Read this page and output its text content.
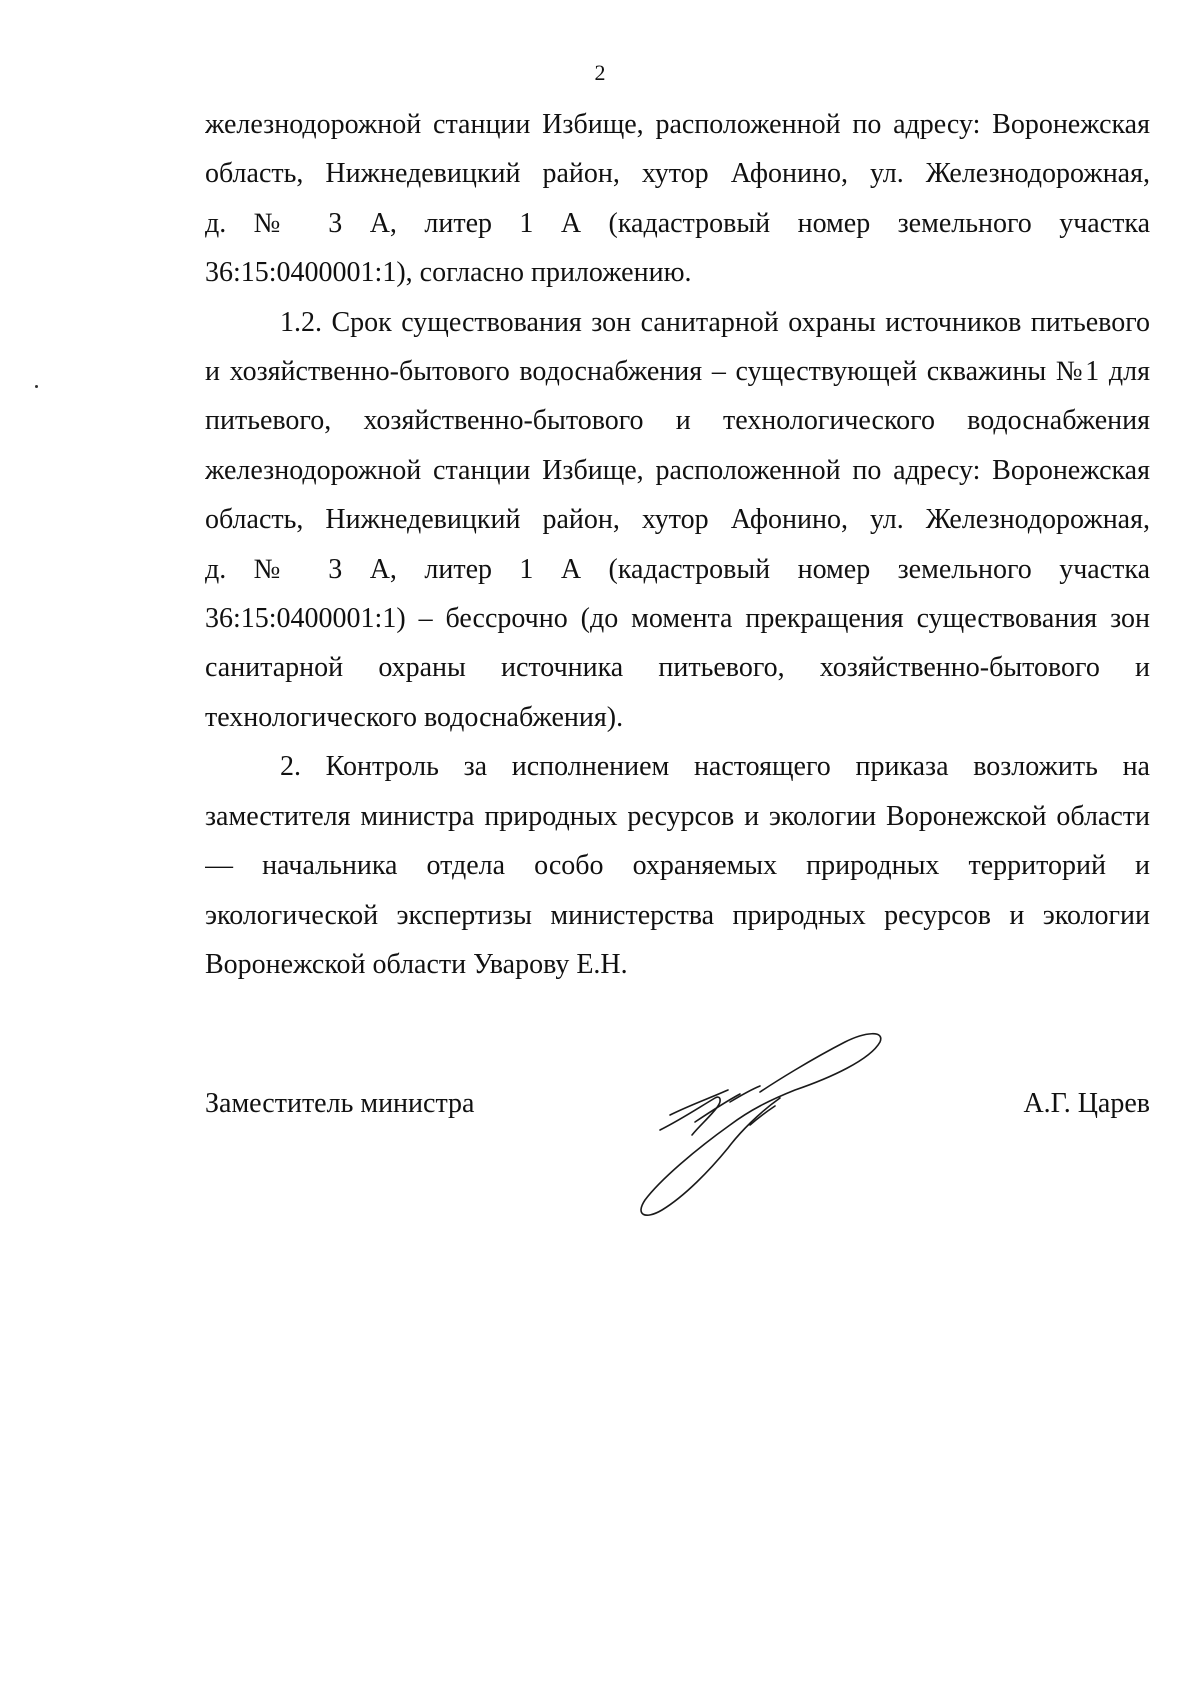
2

железнодорожной станции Избище, расположенной по адресу: Воронежская
область, Нижнедевицкий район, хутор Афонино, ул. Железнодорожная,
д. № 3 А, литер 1 А (кадастровый номер земельного участка
36:15:0400001:1), согласно приложению.

1.2. Срок существования зон санитарной охраны источников питьевого
и хозяйственно-бытового водоснабжения – существующей скважины №1 для
питьевого, хозяйственно-бытового и технологического водоснабжения
железнодорожной станции Избище, расположенной по адресу: Воронежская
область, Нижнедевицкий район, хутор Афонино, ул. Железнодорожная,
д. № 3 А, литер 1 А (кадастровый номер земельного участка
36:15:0400001:1) – бессрочно (до момента прекращения существования зон
санитарной охраны источника питьевого, хозяйственно-бытового и
технологического водоснабжения).

2. Контроль за исполнением настоящего приказа возложить на
заместителя министра природных ресурсов и экологии Воронежской области
— начальника отдела особо охраняемых природных территорий и
экологической экспертизы министерства природных ресурсов и экологии
Воронежской области Уварову Е.Н.

Заместитель министра	А.Г. Царев
